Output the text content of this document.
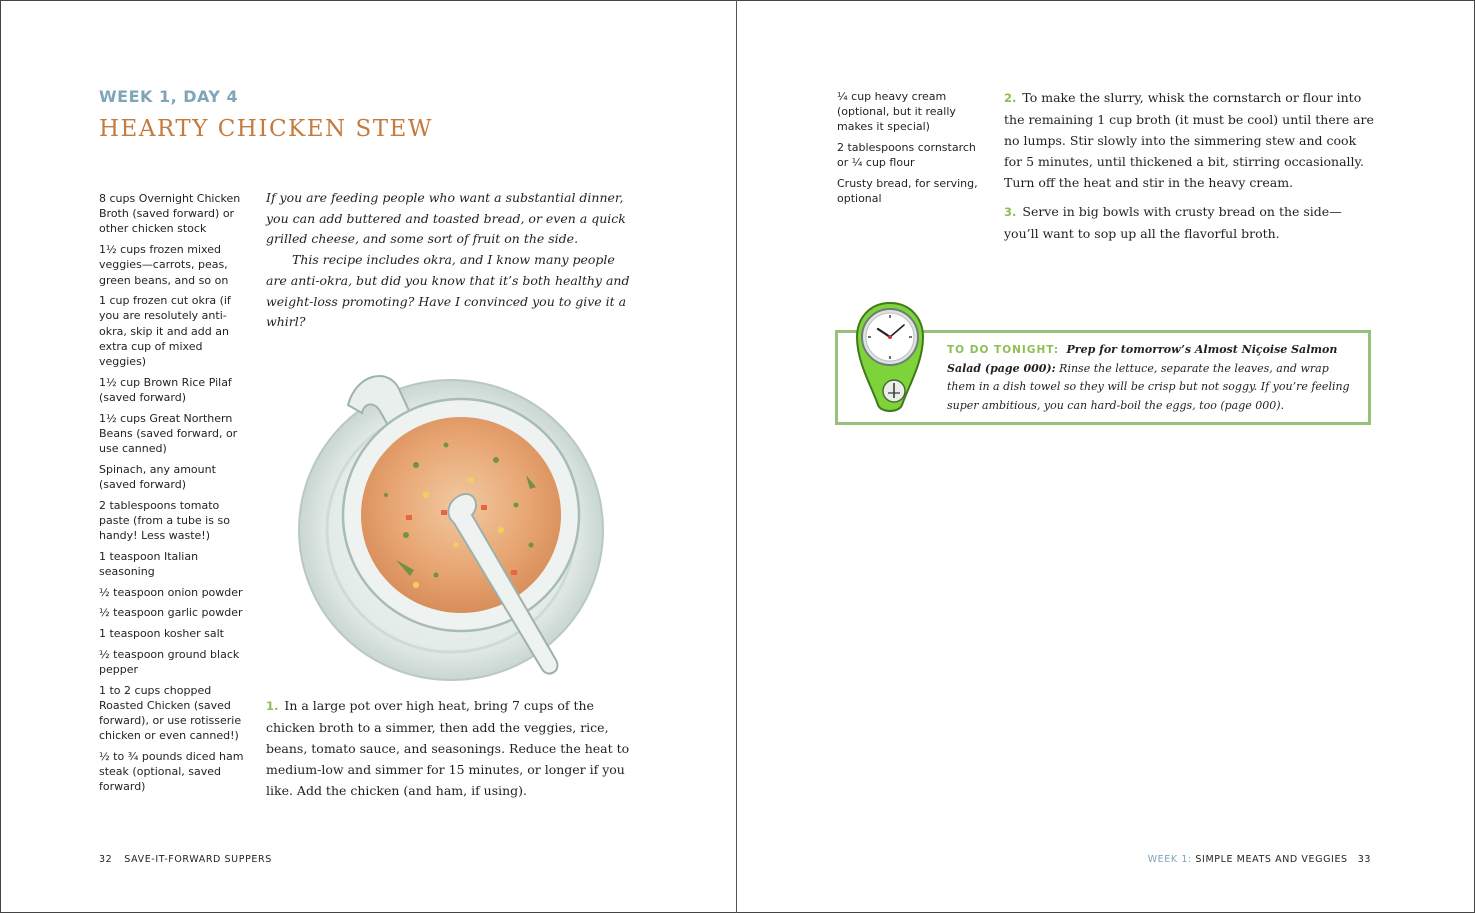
WEEK 1, DAY 4
HEARTY CHICKEN STEW
8 cups Overnight Chicken Broth (saved forward) or other chicken stock
1½ cups frozen mixed veggies—carrots, peas, green beans, and so on
1 cup frozen cut okra (if you are resolutely anti-okra, skip it and add an extra cup of mixed veggies)
1½ cup Brown Rice Pilaf (saved forward)
1½ cups Great Northern Beans (saved forward, or use canned)
Spinach, any amount (saved forward)
2 tablespoons tomato paste (from a tube is so handy! Less waste!)
1 teaspoon Italian seasoning
½ teaspoon onion powder
½ teaspoon garlic powder
1 teaspoon kosher salt
½ teaspoon ground black pepper
1 to 2 cups chopped Roasted Chicken (saved forward), or use rotisserie chicken or even canned!)
½ to ¾ pounds diced ham steak (optional, saved forward)

If you are feeding people who want a substantial dinner, you can add buttered and toasted bread, or even a quick grilled cheese, and some sort of fruit on the side.

This recipe includes okra, and I know many people are anti-okra, but did you know that it’s both healthy and weight-loss promoting? Have I convinced you to give it a whirl?

1. In a large pot over high heat, bring 7 cups of the chicken broth to a simmer, then add the veggies, rice, beans, tomato sauce, and seasonings. Reduce the heat to medium-low and simmer for 15 minutes, or longer if you like. Add the chicken (and ham, if using).
32 SAVE-IT-FORWARD SUPPERS
¼ cup heavy cream (optional, but it really makes it special)
2 tablespoons cornstarch or ¼ cup flour
Crusty bread, for serving, optional
2. To make the slurry, whisk the cornstarch or flour into the remaining 1 cup broth (it must be cool) until there are no lumps. Stir slowly into the simmering stew and cook for 5 minutes, until thickened a bit, stirring occasionally. Turn off the heat and stir in the heavy cream.
3. Serve in big bowls with crusty bread on the side—you’ll want to sop up all the flavorful broth.
TO DO TONIGHT: Prep for tomorrow’s Almost Niçoise Salmon Salad (page 000): Rinse the lettuce, separate the leaves, and wrap them in a dish towel so they will be crisp but not soggy. If you’re feeling super ambitious, you can hard-boil the eggs, too (page 000).
WEEK 1: SIMPLE MEATS AND VEGGIES 33
